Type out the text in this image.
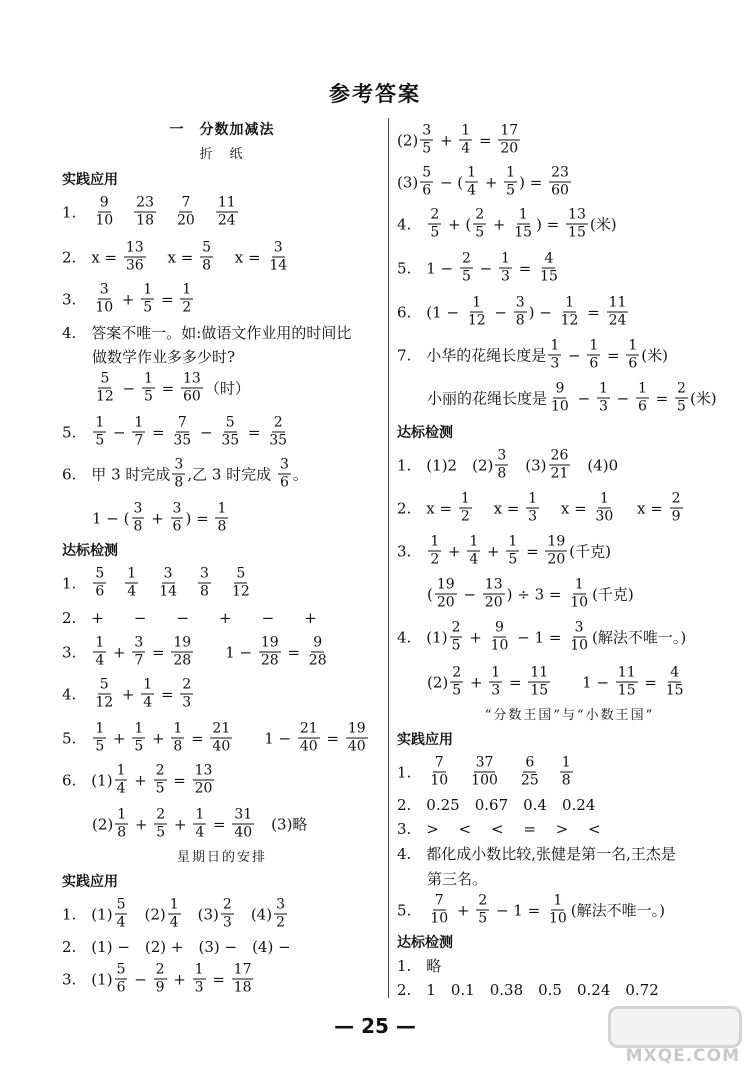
参考答案
一　分数加减法
折　纸
实践应用
1.　 $\frac{9}{10}$
　 $\frac{23}{18}$
　 $\frac{7}{20}$
　 $\frac{11}{24}$
2.　 $x = \frac{13}{36}$ 　 $x = \frac{5}{8}$ 　 $x = \frac{3}{14}$
3.　 $\frac{3}{10} + \frac{1}{5} = \frac{1}{2}$
4.　答案不唯一。如:做语文作业用的时间比
　　做数学作业多多少时?

$\frac{5}{12} - \frac{1}{5} = \frac{13}{60}$ （时）
5.　 $\frac{1}{5} - \frac{1}{7} = \frac{7}{35} - \frac{5}{35} = \frac{2}{35}$
6.　甲 3 时完成 $\frac{3}{8}$ ,乙 3 时完成 $\frac{3}{6}$ 。
　　1 − ( $\frac{3}{8} + \frac{3}{6}$ ) = $\frac{1}{8}$
达标检测
1.　 $\frac{5}{6}$
　 $\frac{1}{4}$
　 $\frac{3}{14}$
　 $\frac{3}{8}$
　 $\frac{5}{12}$
2.　+　　−　　−　　+　　−　　+
3.　 $\frac{1}{4} + \frac{3}{7} = \frac{19}{28}$ 　　$1 - \frac{19}{28} = \frac{9}{28}$
4.　 $\frac{5}{12} + \frac{1}{4} = \frac{2}{3}$
5.　 $\frac{1}{5} + \frac{1}{5} + \frac{1}{8} = \frac{21}{40}$ 　　$1 - \frac{21}{40} = \frac{19}{40}$
6.　$(1) \frac{1}{4} + \frac{2}{5} = \frac{13}{20}$
　　$(2) \frac{1}{8} + \frac{2}{5} + \frac{1}{4} = \frac{31}{40}$ 　(3)略
星期日的安排
实践应用
1.　$(1) \frac{5}{4}$ 　$(2) \frac{1}{4}$ 　$(3) \frac{2}{3}$ 　$(4) \frac{3}{2}$
2.　(1) −　(2) +　(3) −　(4) −
3.　$(1) \frac{5}{6} - \frac{2}{9} + \frac{1}{3} = \frac{17}{18}$
$(2) \frac{3}{5} + \frac{1}{4} = \frac{17}{20}$
$(3) \frac{5}{6}$ − ( $\frac{1}{4} + \frac{1}{5}$ ) = $\frac{23}{60}$
4.　 $\frac{2}{5}$ + ( $\frac{2}{5} + \frac{1}{15}$ ) = $\frac{13}{15}$ (米)
5.　$1 - \frac{2}{5} - \frac{1}{3} = \frac{4}{15}$
6.　($1 - \frac{1}{12} - \frac{3}{8}$ ) − $\frac{1}{12} = \frac{11}{24}$
7.　小华的花绳长度是 $\frac{1}{3} - \frac{1}{6} = \frac{1}{6}$ (米)
　　小丽的花绳长度是 $\frac{9}{10} - \frac{1}{3} - \frac{1}{6} = \frac{2}{5}$ (米)
达标检测
1.　(1)2　$(2) \frac{3}{8}$ 　$(3) \frac{26}{21}$ 　(4)0
2.　$x = \frac{1}{2}$ 　 $x = \frac{1}{3}$ 　 $x = \frac{1}{30}$ 　 $x = \frac{2}{9}$
3.　 $\frac{1}{2} + \frac{1}{4} + \frac{1}{5} = \frac{19}{20}$ (千克)
　　( $\frac{19}{20} - \frac{13}{20}$ ) ÷ $3 = \frac{1}{10}$ (千克)
4.　$(1) \frac{2}{5} + \frac{9}{10} - 1 = \frac{3}{10}$ (解法不唯一。)
　　$(2) \frac{2}{5} + \frac{1}{3} = \frac{11}{15}$ 　　$1 - \frac{11}{15} = \frac{4}{15}$
“分数王国”与“小数王国”
实践应用
1.　 $\frac{7}{10}$
　 $\frac{37}{100}$
　 $\frac{6}{25}$
　 $\frac{1}{8}$
2.　0.25　0.67　0.4　0.24
3.　>　 <　 <　 =　 >　 <
4.　都化成小数比较,张健是第一名,王杰是
　　第三名。
5.　 $\frac{7}{10} + \frac{2}{5} - 1 = \frac{1}{10}$ (解法不唯一。)
达标检测
1.　略
2.　1　0.1　0.38　0.5　0.24　0.72
— 25 —
MXQE.COM
